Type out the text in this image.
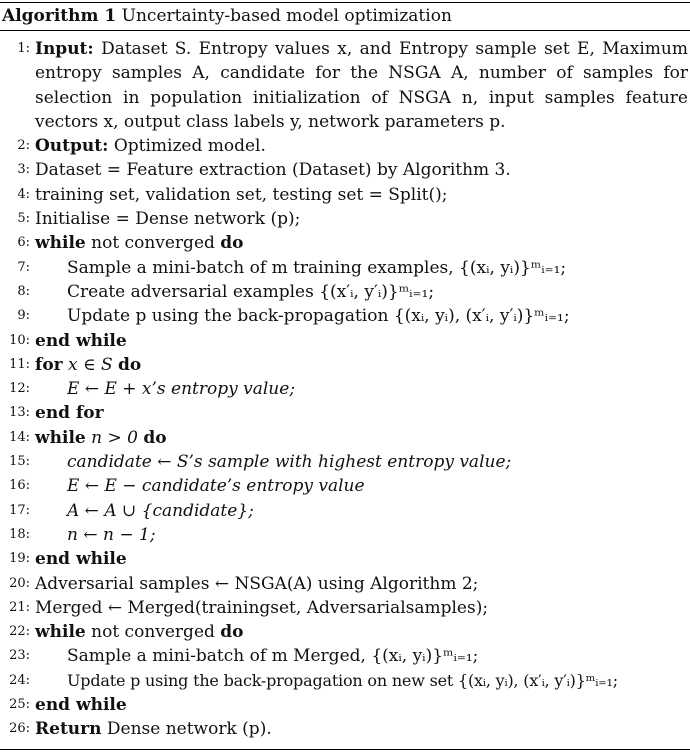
Algorithm 1 Uncertainty-based model optimization
1: Input: Dataset S. Entropy values x, and Entropy sample set E, Maximum entropy samples A, candidate for the NSGA A, number of samples for selection in population initialization of NSGA n, input samples feature vectors x, output class labels y, network parameters p.
2: Output: Optimized model.
3: Dataset = Feature extraction (Dataset) by Algorithm 3.
4: training set, validation set, testing set = Split();
5: Initialise = Dense network (p);
6: while not converged do
7: Sample a mini-batch of m training examples, {(xᵢ, yᵢ)}ᵐᵢ₌₁;
8: Create adversarial examples {(x′ᵢ, y′ᵢ)}ᵐᵢ₌₁;
9: Update p using the back-propagation {(xᵢ, yᵢ), (x′ᵢ, y′ᵢ)}ᵐᵢ₌₁;
10: end while
11: for x ∈ S do
12: E ← E + x’s entropy value;
13: end for
14: while n > 0 do
15: candidate ← S’s sample with highest entropy value;
16: E ← E − candidate’s entropy value
17: A ← A ∪ {candidate};
18: n ← n − 1;
19: end while
20: Adversarial samples ← NSGA(A) using Algorithm 2;
21: Merged ← Merged(trainingset, Adversarialsamples);
22: while not converged do
23: Sample a mini-batch of m Merged, {(xᵢ, yᵢ)}ᵐᵢ₌₁;
24: Update p using the back-propagation on new set {(xᵢ, yᵢ), (x′ᵢ, y′ᵢ)}ᵐᵢ₌₁;
25: end while
26: Return Dense network (p).
